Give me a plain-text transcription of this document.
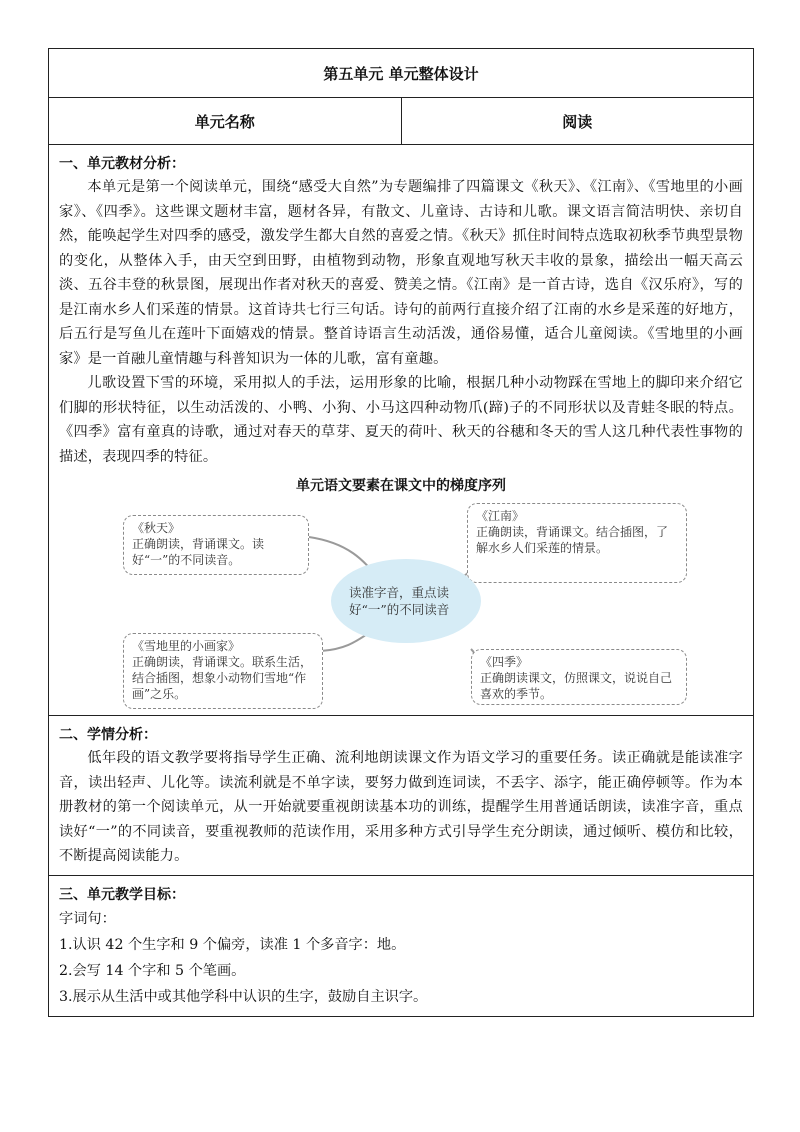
第五单元 单元整体设计
单元名称	阅读
一、单元教材分析：

本单元是第一个阅读单元，围绕“感受大自然”为专题编排了四篇课文《秋天》、《江南》、《雪地里的小画家》、《四季》。这些课文题材丰富，题材各异，有散文、儿童诗、古诗和儿歌。课文语言简洁明快、亲切自然，能唤起学生对四季的感受，激发学生都大自然的喜爱之情。《秋天》抓住时间特点选取初秋季节典型景物的变化，从整体入手，由天空到田野，由植物到动物，形象直观地写秋天丰收的景象，描绘出一幅天高云淡、五谷丰登的秋景图，展现出作者对秋天的喜爱、赞美之情。《江南》是一首古诗，选自《汉乐府》，写的是江南水乡人们采莲的情景。这首诗共七行三句话。诗句的前两行直接介绍了江南的水乡是采莲的好地方，后五行是写鱼儿在莲叶下面嬉戏的情景。整首诗语言生动活泼，通俗易懂，适合儿童阅读。《雪地里的小画家》是一首融儿童情趣与科普知识为一体的儿歌，富有童趣。

儿歌设置下雪的环境，采用拟人的手法，运用形象的比喻，根据几种小动物踩在雪地上的脚印来介绍它们脚的形状特征，以生动活泼的、小鸭、小狗、小马这四种动物爪(蹄)子的不同形状以及青蛙冬眠的特点。《四季》富有童真的诗歌，通过对春天的草芽、夏天的荷叶、秋天的谷穗和冬天的雪人这几种代表性事物的描述，表现四季的特征。

单元语文要素在课文中的梯度序列
《秋天》
正确朗读，背诵课文。读好“一”的不同读音。
《江南》
正确朗读，背诵课文。结合插图，了解水乡人们采莲的情景。
读准字音，重点读好“一”的不同读音
《雪地里的小画家》
正确朗读，背诵课文。联系生活，结合插图，想象小动物们雪地“作画”之乐。
《四季》
正确朗读课文，仿照课文，说说自己喜欢的季节。
二、学情分析：

低年段的语文教学要将指导学生正确、流利地朗读课文作为语文学习的重要任务。读正确就是能读准字音，读出轻声、儿化等。读流利就是不单字读，要努力做到连词读，不丢字、添字，能正确停顿等。作为本册教材的第一个阅读单元，从一开始就要重视朗读基本功的训练，提醒学生用普通话朗读，读准字音，重点读好“一”的不同读音，要重视教师的范读作用，采用多种方式引导学生充分朗读，通过倾听、模仿和比较，不断提高阅读能力。

三、单元教学目标：

字词句：

1.认识 42 个生字和 9 个偏旁，读准 1 个多音字：地。

2.会写 14 个字和 5 个笔画。

3.展示从生活中或其他学科中认识的生字，鼓励自主识字。
